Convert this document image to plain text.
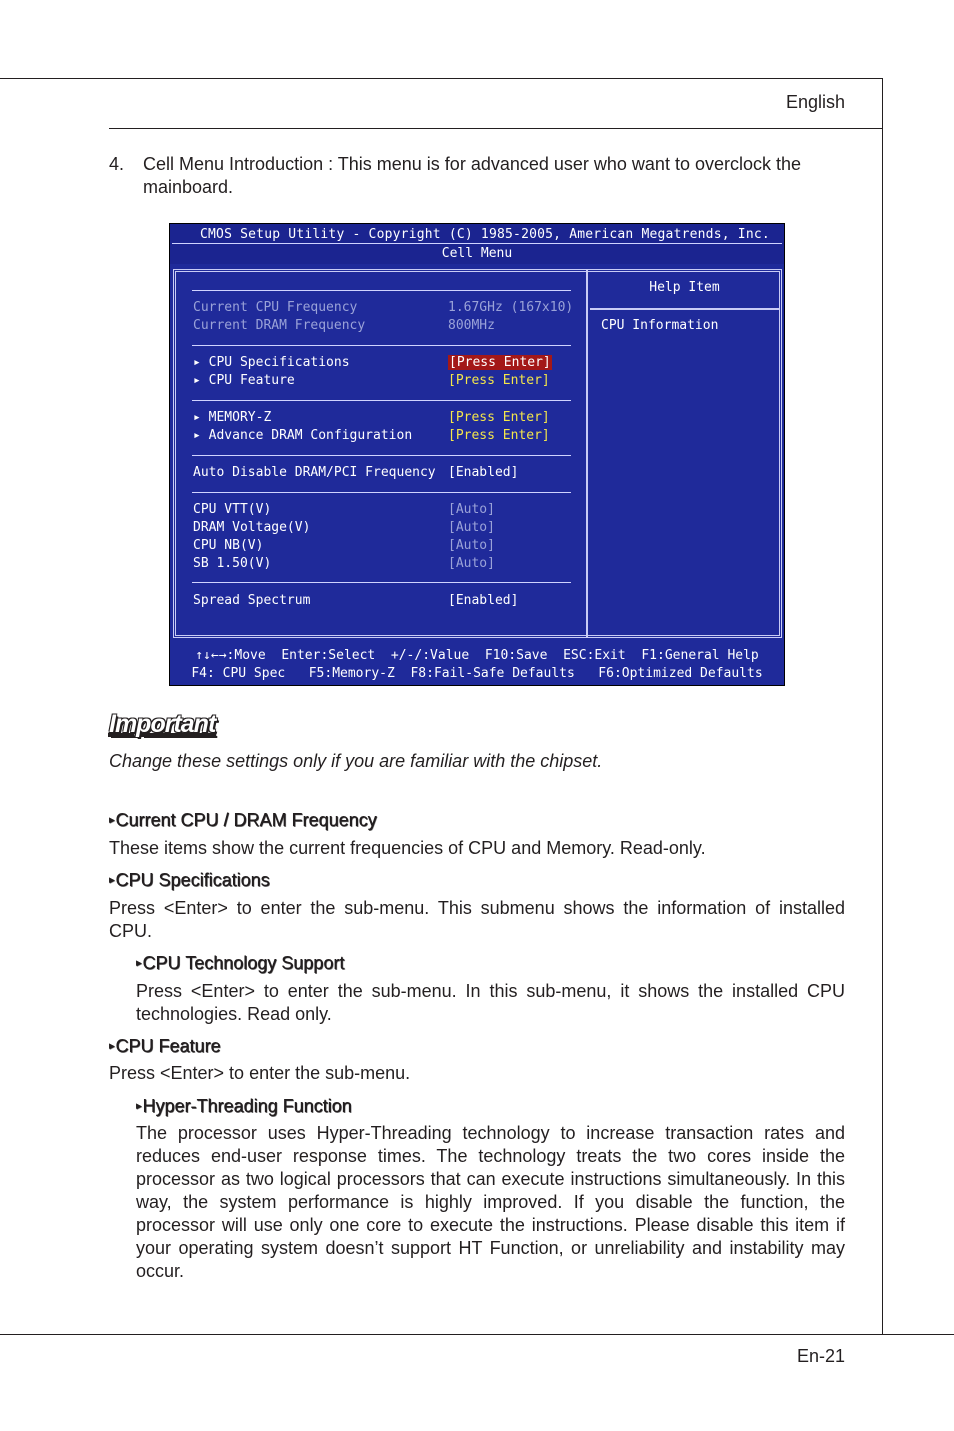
English
4. Cell Menu Introduction : This menu is for advanced user who want to overclock the mainboard.
CMOS Setup Utility - Copyright (C) 1985-2005, American Megatrends, Inc.
Cell Menu
Help Item
CPU Information
Current CPU Frequency	1.67GHz (167x10)
Current DRAM Frequency	800MHz
▸ CPU Specifications	[Press Enter]
▸ CPU Feature	[Press Enter]
▸ MEMORY-Z	[Press Enter]
▸ Advance DRAM Configuration	[Press Enter]
Auto Disable DRAM/PCI Frequency [Enabled]
CPU VTT(V)	[Auto]
DRAM Voltage(V)	[Auto]
CPU NB(V)	[Auto]
SB 1.50(V)	[Auto]
Spread Spectrum	[Enabled]
↑↓←→:Move  Enter:Select  +/-/:Value  F10:Save  ESC:Exit  F1:General Help
F4: CPU Spec   F5:Memory-Z  F8:Fail-Safe Defaults   F6:Optimized Defaults
Important
Change these settings only if you are familiar with the chipset.
▸Current CPU / DRAM Frequency
These items show the current frequencies of CPU and Memory. Read-only.
▸CPU Specifications
Press <Enter> to enter the sub-menu. This submenu shows the information of installed CPU.
▸CPU Technology Support
Press <Enter> to enter the sub-menu. In this sub-menu, it shows the installed CPU technologies. Read only.
▸CPU Feature
Press <Enter> to enter the sub-menu.
▸Hyper-Threading Function
The processor uses Hyper-Threading technology to increase transaction rates and reduces end-user response times. The technology treats the two cores inside the processor as two logical processors that can execute instructions simultaneously. In this way, the system performance is highly improved. If you disable the function, the processor will use only one core to execute the instructions. Please disable this item if your operating system doesn’t support HT Function, or unreliability and instability may occur.
En-21
